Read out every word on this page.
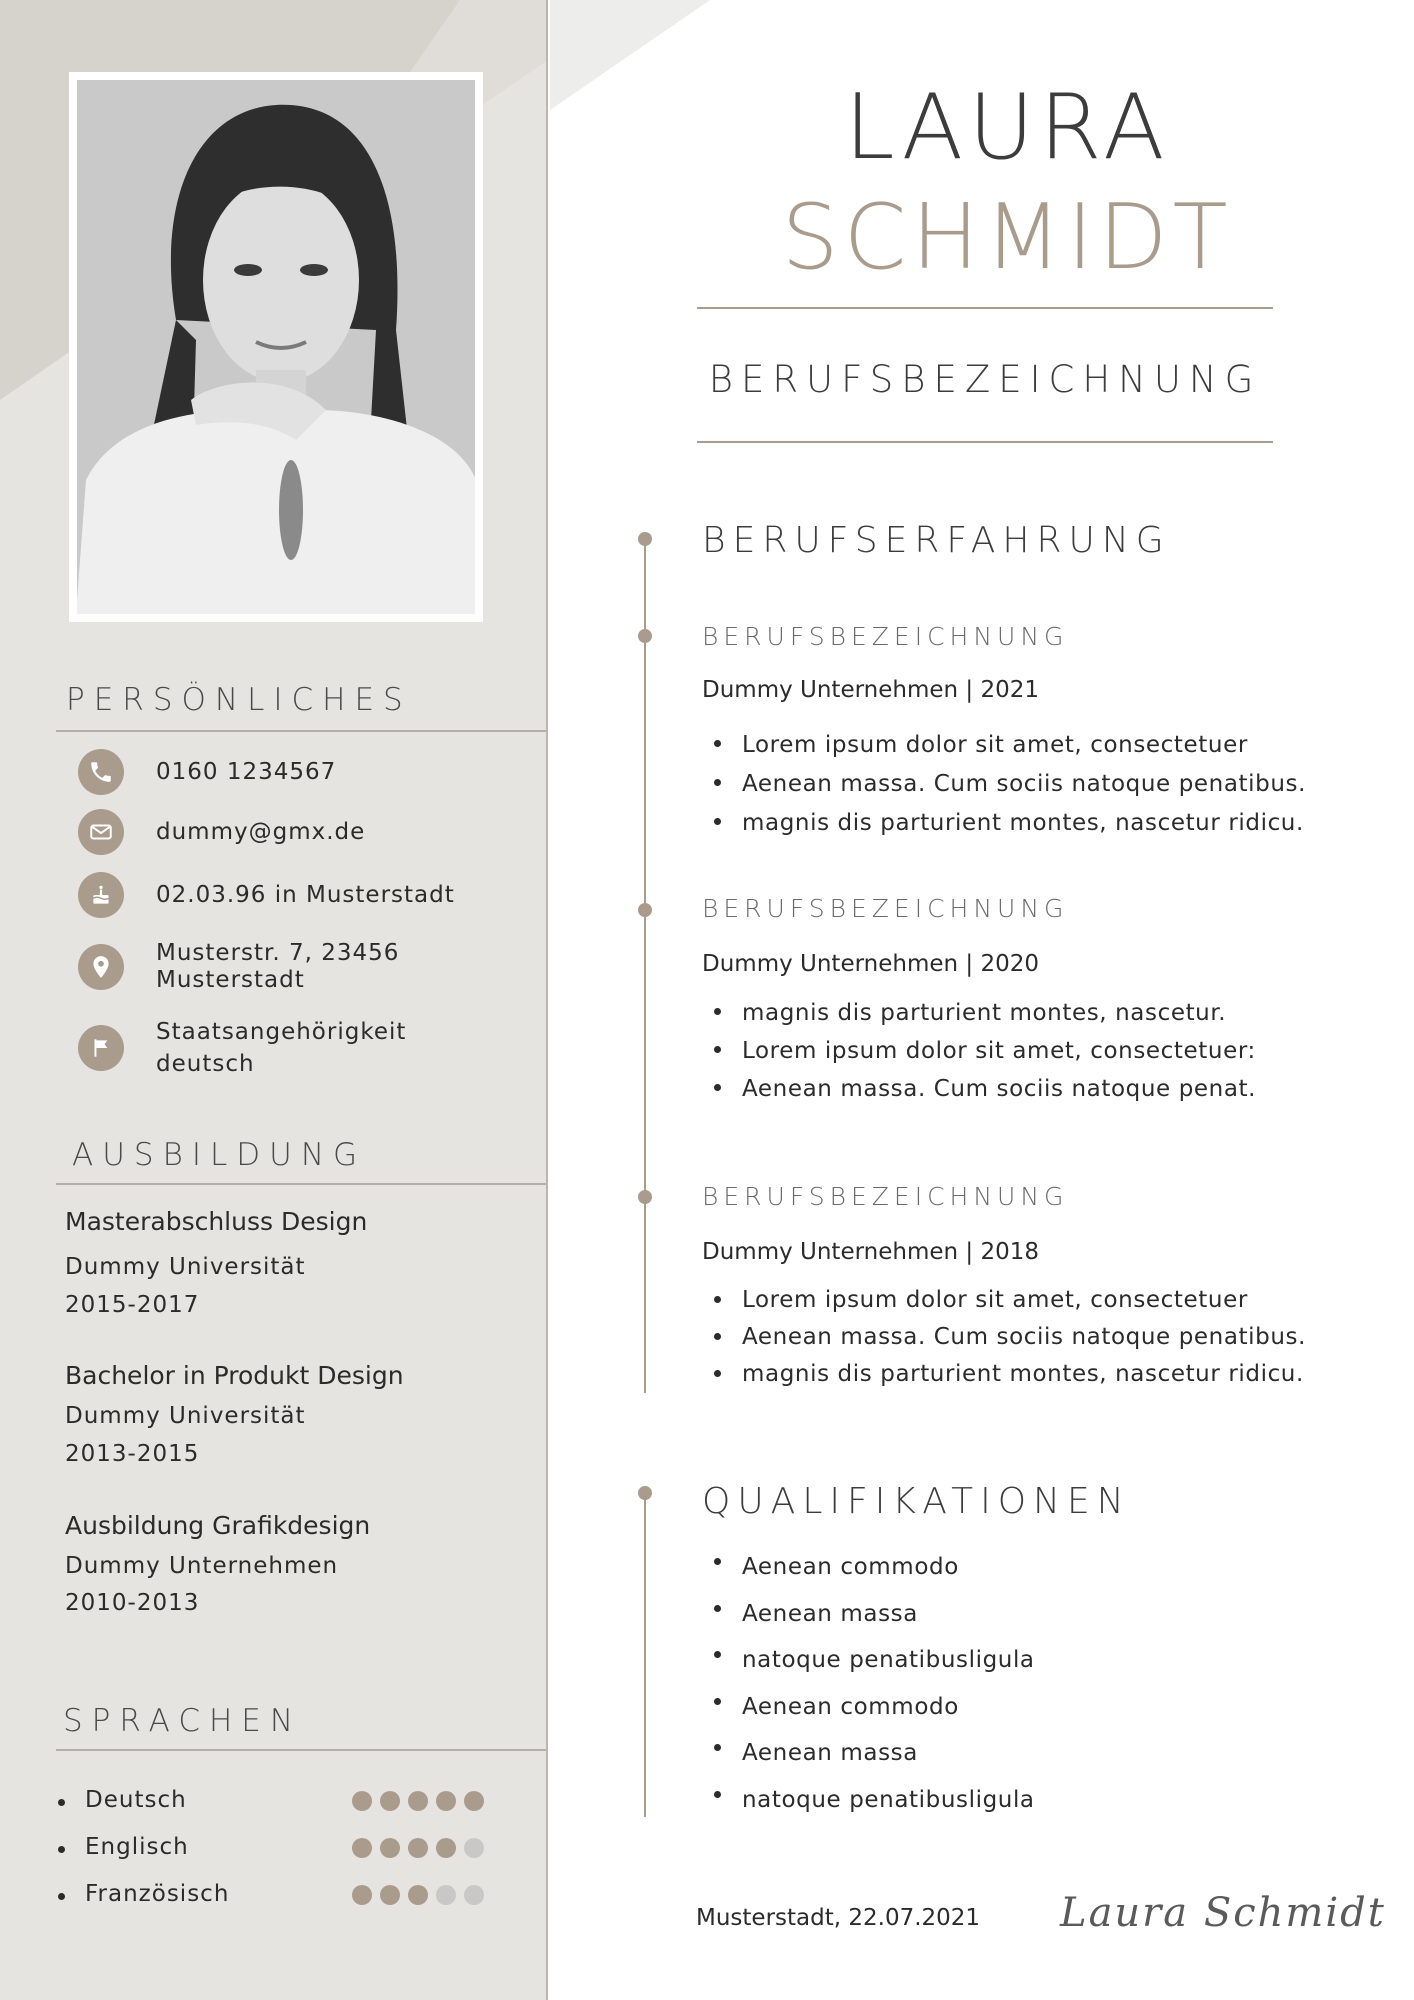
PERSÖNLICHES
0160 1234567
dummy@gmx.de
02.03.96 in Musterstadt
Musterstr. 7, 23456
Musterstadt
Staatsangehörigkeit
deutsch
AUSBILDUNG
Masterabschluss Design
Dummy Universität
2015-2017
Bachelor in Produkt Design
Dummy Universität
2013-2015
Ausbildung Grafikdesign
Dummy Unternehmen
2010-2013
SPRACHEN
Deutsch
Englisch
Französisch
LAURA
SCHMIDT
BERUFSBEZEICHNUNG
BERUFSERFAHRUNG
BERUFSBEZEICHNUNG
Dummy Unternehmen | 2021
Lorem ipsum dolor sit amet, consectetuer
Aenean massa. Cum sociis natoque penatibus.
magnis dis parturient montes, nascetur ridicu.
BERUFSBEZEICHNUNG
Dummy Unternehmen | 2020
magnis dis parturient montes, nascetur.
Lorem ipsum dolor sit amet, consectetuer:
Aenean massa. Cum sociis natoque penat.
BERUFSBEZEICHNUNG
Dummy Unternehmen | 2018
Lorem ipsum dolor sit amet, consectetuer
Aenean massa. Cum sociis natoque penatibus.
magnis dis parturient montes, nascetur ridicu.
QUALIFIKATIONEN
Aenean commodo
Aenean massa
natoque penatibusligula
Aenean commodo
Aenean massa
natoque penatibusligula
Musterstadt, 22.07.2021 Laura Schmidt
